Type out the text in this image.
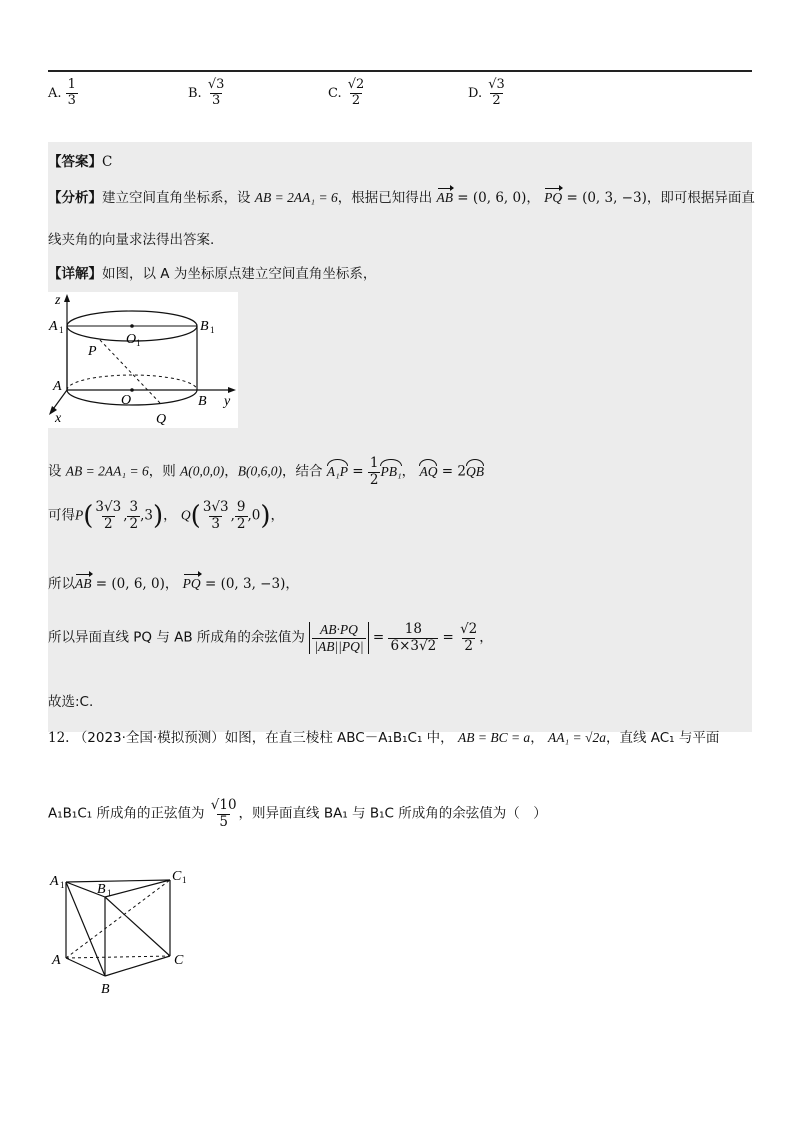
A. $\frac{1}{3}$	B. $\frac{√3}{3}$	C. $\frac{√2}{2}$	D. $\frac{√3}{2}$
【答案】C
【分析】建立空间直角坐标系，设 AB = 2AA₁ = 6，根据已知得出 AB = (0, 6, 0)， PQ = (0, 3, −3)，即可根据异面直
线夹角的向量求法得出答案.
【详解】如图，以 A 为坐标原点建立空间直角坐标系，
z
y
x
A 1	B 1
O 1
P
A
O	B
Q
设 AB = 2AA₁ = 6，则 A(0,0,0)，B(0,6,0)，结合 $A_1P = \frac{1}{2} PB_1$， AQ = 2QB
可得$P( \frac{3√3}{2}$ , $\frac{3}{2} ,3$)， $Q( \frac{3√3}{3}$ , $\frac{9}{2} ,0$)，
所以AB = (0, 6, 0)， PQ = (0, 3, −3)，
所以异面直线 PQ 与 AB 所成角的余弦值为 $\frac{AB\cdot PQ}{|AB||PQ|} = \frac{18}{6\times 3√2} = \frac{√2}{2}$ ，
故选:C.
12. （2023·全国·模拟预测）如图，在直三棱柱 ABC－A₁B₁C₁ 中， AB = BC = a， AA₁ = √2a，直线 AC₁ 与平面
A₁B₁C₁ 所成角的正弦值为 $\frac{√10}{5}$ ，则异面直线 BA₁ 与 B₁C 所成角的余弦值为（　）
A 1 B 1
C 1
A
B
C
